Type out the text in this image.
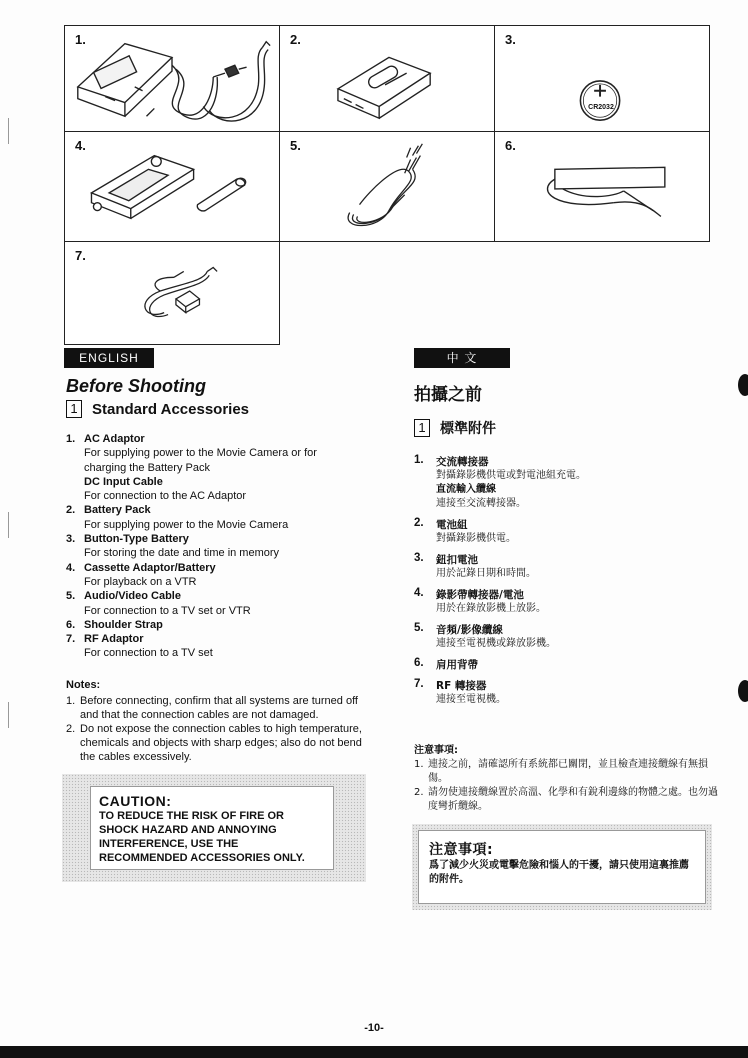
1.	2.	3.
CR2032
4.	5.	6.
7.
ENGLISH
Before Shooting
1 Standard Accessories
1. AC Adaptor
For supplying power to the Movie Camera or for
charging the Battery Pack
DC Input Cable
For connection to the AC Adaptor
2. Battery Pack
For supplying power to the Movie Camera
3. Button-Type Battery
For storing the date and time in memory
4. Cassette Adaptor/Battery
For playback on a VTR
5. Audio/Video Cable
For connection to a TV set or VTR
6. Shoulder Strap
7. RF Adaptor
For connection to a TV set
Notes:
1. Before connecting, confirm that all systems are turned off and that the connection cables are not damaged.
2. Do not expose the connection cables to high temperature, chemicals and objects with sharp edges; also do not bend the cables excessively.
CAUTION:
TO REDUCE THE RISK OF FIRE OR SHOCK HAZARD AND ANNOYING INTERFERENCE, USE THE RECOMMENDED ACCESSORIES ONLY.
中 文
拍攝之前
1	標準附件
1.	交流轉接器
對攝錄影機供電或對電池組充電。
直流輸入纜線
連接至交流轉接器。
2.	電池組
對攝錄影機供電。
3.	鈕扣電池
用於記錄日期和時間。
4.	錄影帶轉接器/電池
用於在錄放影機上放影。
5.	音頻/影像纜線
連接至電視機或錄放影機。
6.	肩用背帶
7.	RF 轉接器
連接至電視機。
注意事項:
1. 連接之前，請確認所有系統都已關閉，並且檢查連接纜線有無損傷。
2. 請勿使連接纜線置於高溫、化學和有銳利邊緣的物體之處。也勿過度彎折纜線。
注意事項:
爲了減少火災或電擊危險和惱人的干擾，請只使用這裏推薦的附件。
-10-
